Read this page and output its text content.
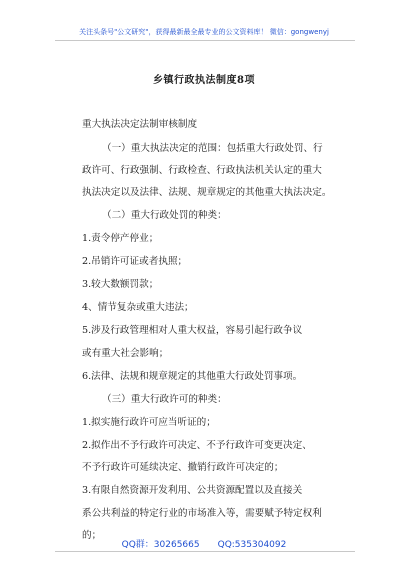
关注头条号"公文研究"，获得最新最全最专业的公文资料库！ 微信：gongwenyj
乡镇行政执法制度8项
重大执法决定法制审核制度
（一）重大执法决定的范围：包括重大行政处罚、行
政许可、行政强制、行政检查、行政执法机关认定的重大
执法决定以及法律、法规、规章规定的其他重大执法决定。
（二）重大行政处罚的种类：
1.责令停产停业；
2.吊销许可证或者执照；
3.较大数额罚款；
4、情节复杂或重大违法；
5.涉及行政管理相对人重大权益，容易引起行政争议
或有重大社会影响；
6.法律、法规和规章规定的其他重大行政处罚事项。
（三）重大行政许可的种类：
1.拟实施行政许可应当听证的；
2.拟作出不予行政许可决定、不予行政许可变更决定、
不予行政许可延续决定、撤销行政许可决定的；
3.有限自然资源开发利用、公共资源配置以及直接关
系公共利益的特定行业的市场准入等，需要赋予特定权利
的；
QQ群：30265665 QQ:535304092
